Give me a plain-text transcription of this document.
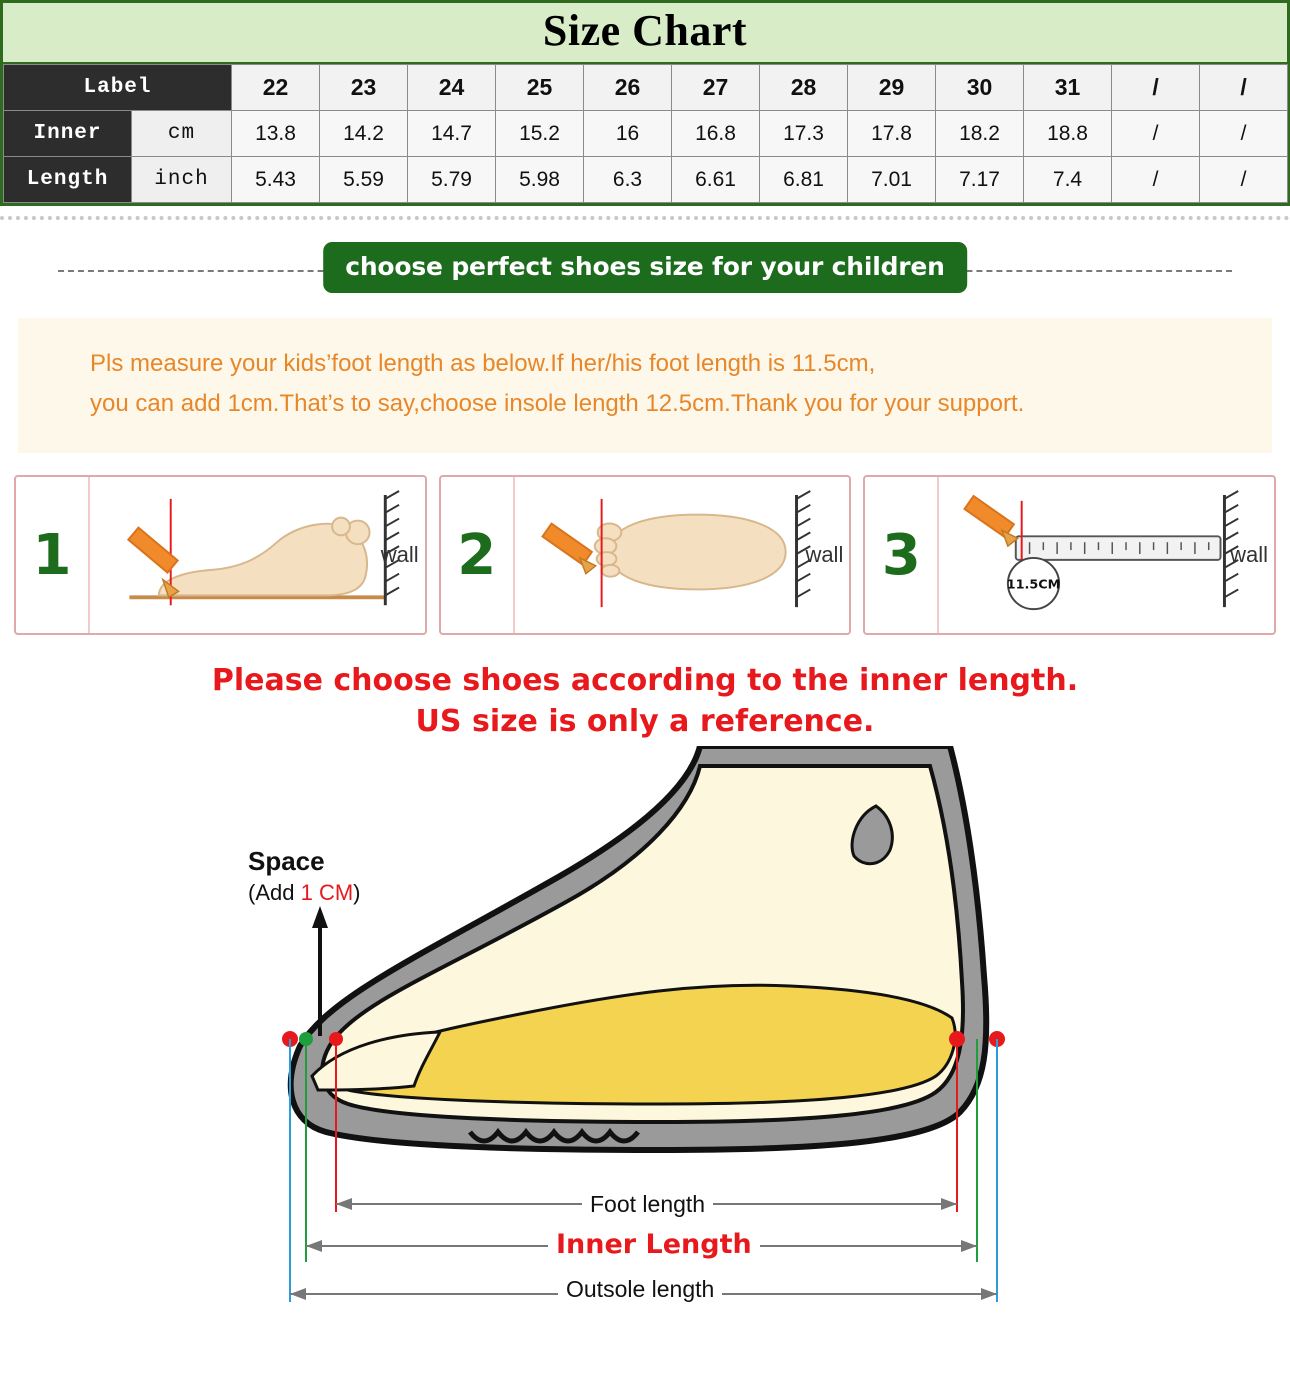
Size Chart
Label		22	23	24	25	26	27	28	29	30	31	/	/
Inner	cm	13.8	14.2	14.7	15.2	16	16.8	17.3	17.8	18.2	18.8	/	/
Length	inch	5.43	5.59	5.79	5.98	6.3	6.61	6.81	7.01	7.17	7.4	/	/
choose perfect shoes size for your children
Pls measure your kids’foot length as below.If her/his foot length is 11.5cm,
you can add 1cm.That’s to say,choose insole length 12.5cm.Thank you for your support.
1	wall 2	wall 3	11.5CM
wall
Please choose shoes according to the inner length.
US size is only a reference.
Space
(Add 1 CM)
Foot length
Inner Length
Outsole length
